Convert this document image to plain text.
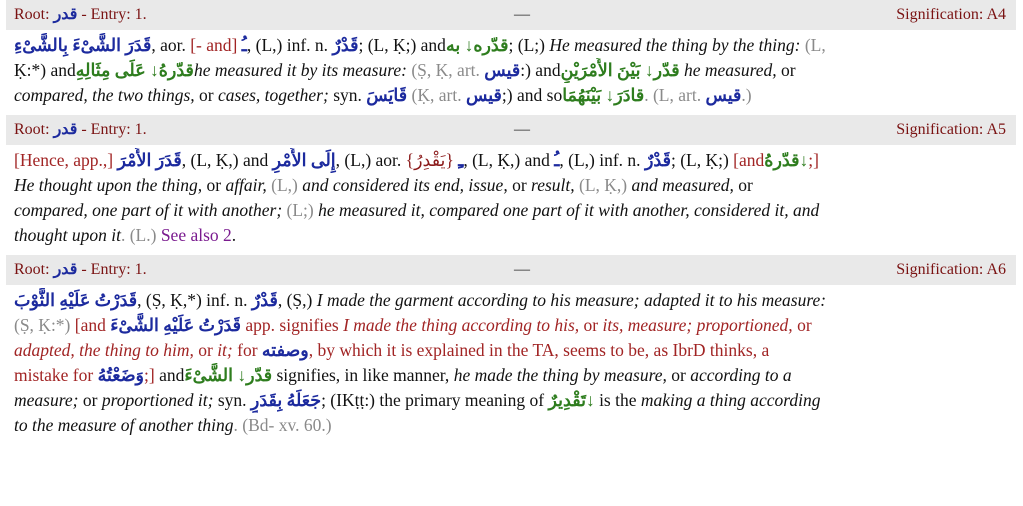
Root: قدر - Entry: 1.	—	Signification: A4
قَدَرَ الشَّىْءَ بِالشَّىْءِ, aor. [- and] ـُ, (L,) inf. n. قَدْرٌ; (L, Ḳ;) andقدّره↓ به; (L;) He measured the thing by the thing: (L,
Ḳ:*) andقدّرهُ↓ عَلَى مِثَالِهِhe measured it by its measure: (Ṣ, Ḳ, art. قيس:) andقدّر↓ بَيْنَ الأَمْرَيْنِ he measured, or
compared, the two things, or cases, together; syn. قَايَسَ (Ḳ, art. قيس;) and soقادَرَ↓ بَيْنَهُمَا. (L, art. قيس.)
Root: قدر - Entry: 1.	—	Signification: A5
[Hence, app.,] قَدَرَ الأَمْرَ, (L, Ḳ,) and إِلَى الأَمْرِ, (L,) aor.	ـِ {يَقْدِرُ}	, (L, Ḳ,) and ـُ, (L,) inf. n. قَدْرٌ; (L, Ḳ;) [andقدّرهُ↓;]
He thought upon the thing, or affair, (L,) and considered its end, issue, or result, (L, Ḳ,) and measured, or
compared, one part of it with another; (L;) he measured it, compared one part of it with another, considered it, and
thought upon it. (L.) See also 2.
Root: قدر - Entry: 1.	—	Signification: A6
قَدَرْتُ عَلَيْهِ الثَّوْبَ, (Ṣ, Ḳ,*) inf. n. قَدْرٌ, (Ṣ,) I made the garment according to his measure; adapted it to his measure:
(Ṣ, Ḳ:*) [and قَدَرْتُ عَلَيْهِ الشَّىْءَ app. signifies I made the thing according to his, or its, measure; proportioned, or
adapted, the thing to him, or it; for وصفته, by which it is explained in the TA, seems to be, as IbrD thinks, a
mistake for وَضَعْتُهُ;] andقدّر↓ الشَّىْءَ signifies, in like manner, he made the thing by measure, or according to a
measure; or proportioned it; syn. جَعَلَهُ بِقَدَرٍ; (IKṭṭ:) the primary meaning of تَقْدِيرٌ↓ is the making a thing according
to the measure of another thing. (Bd- xv. 60.)
